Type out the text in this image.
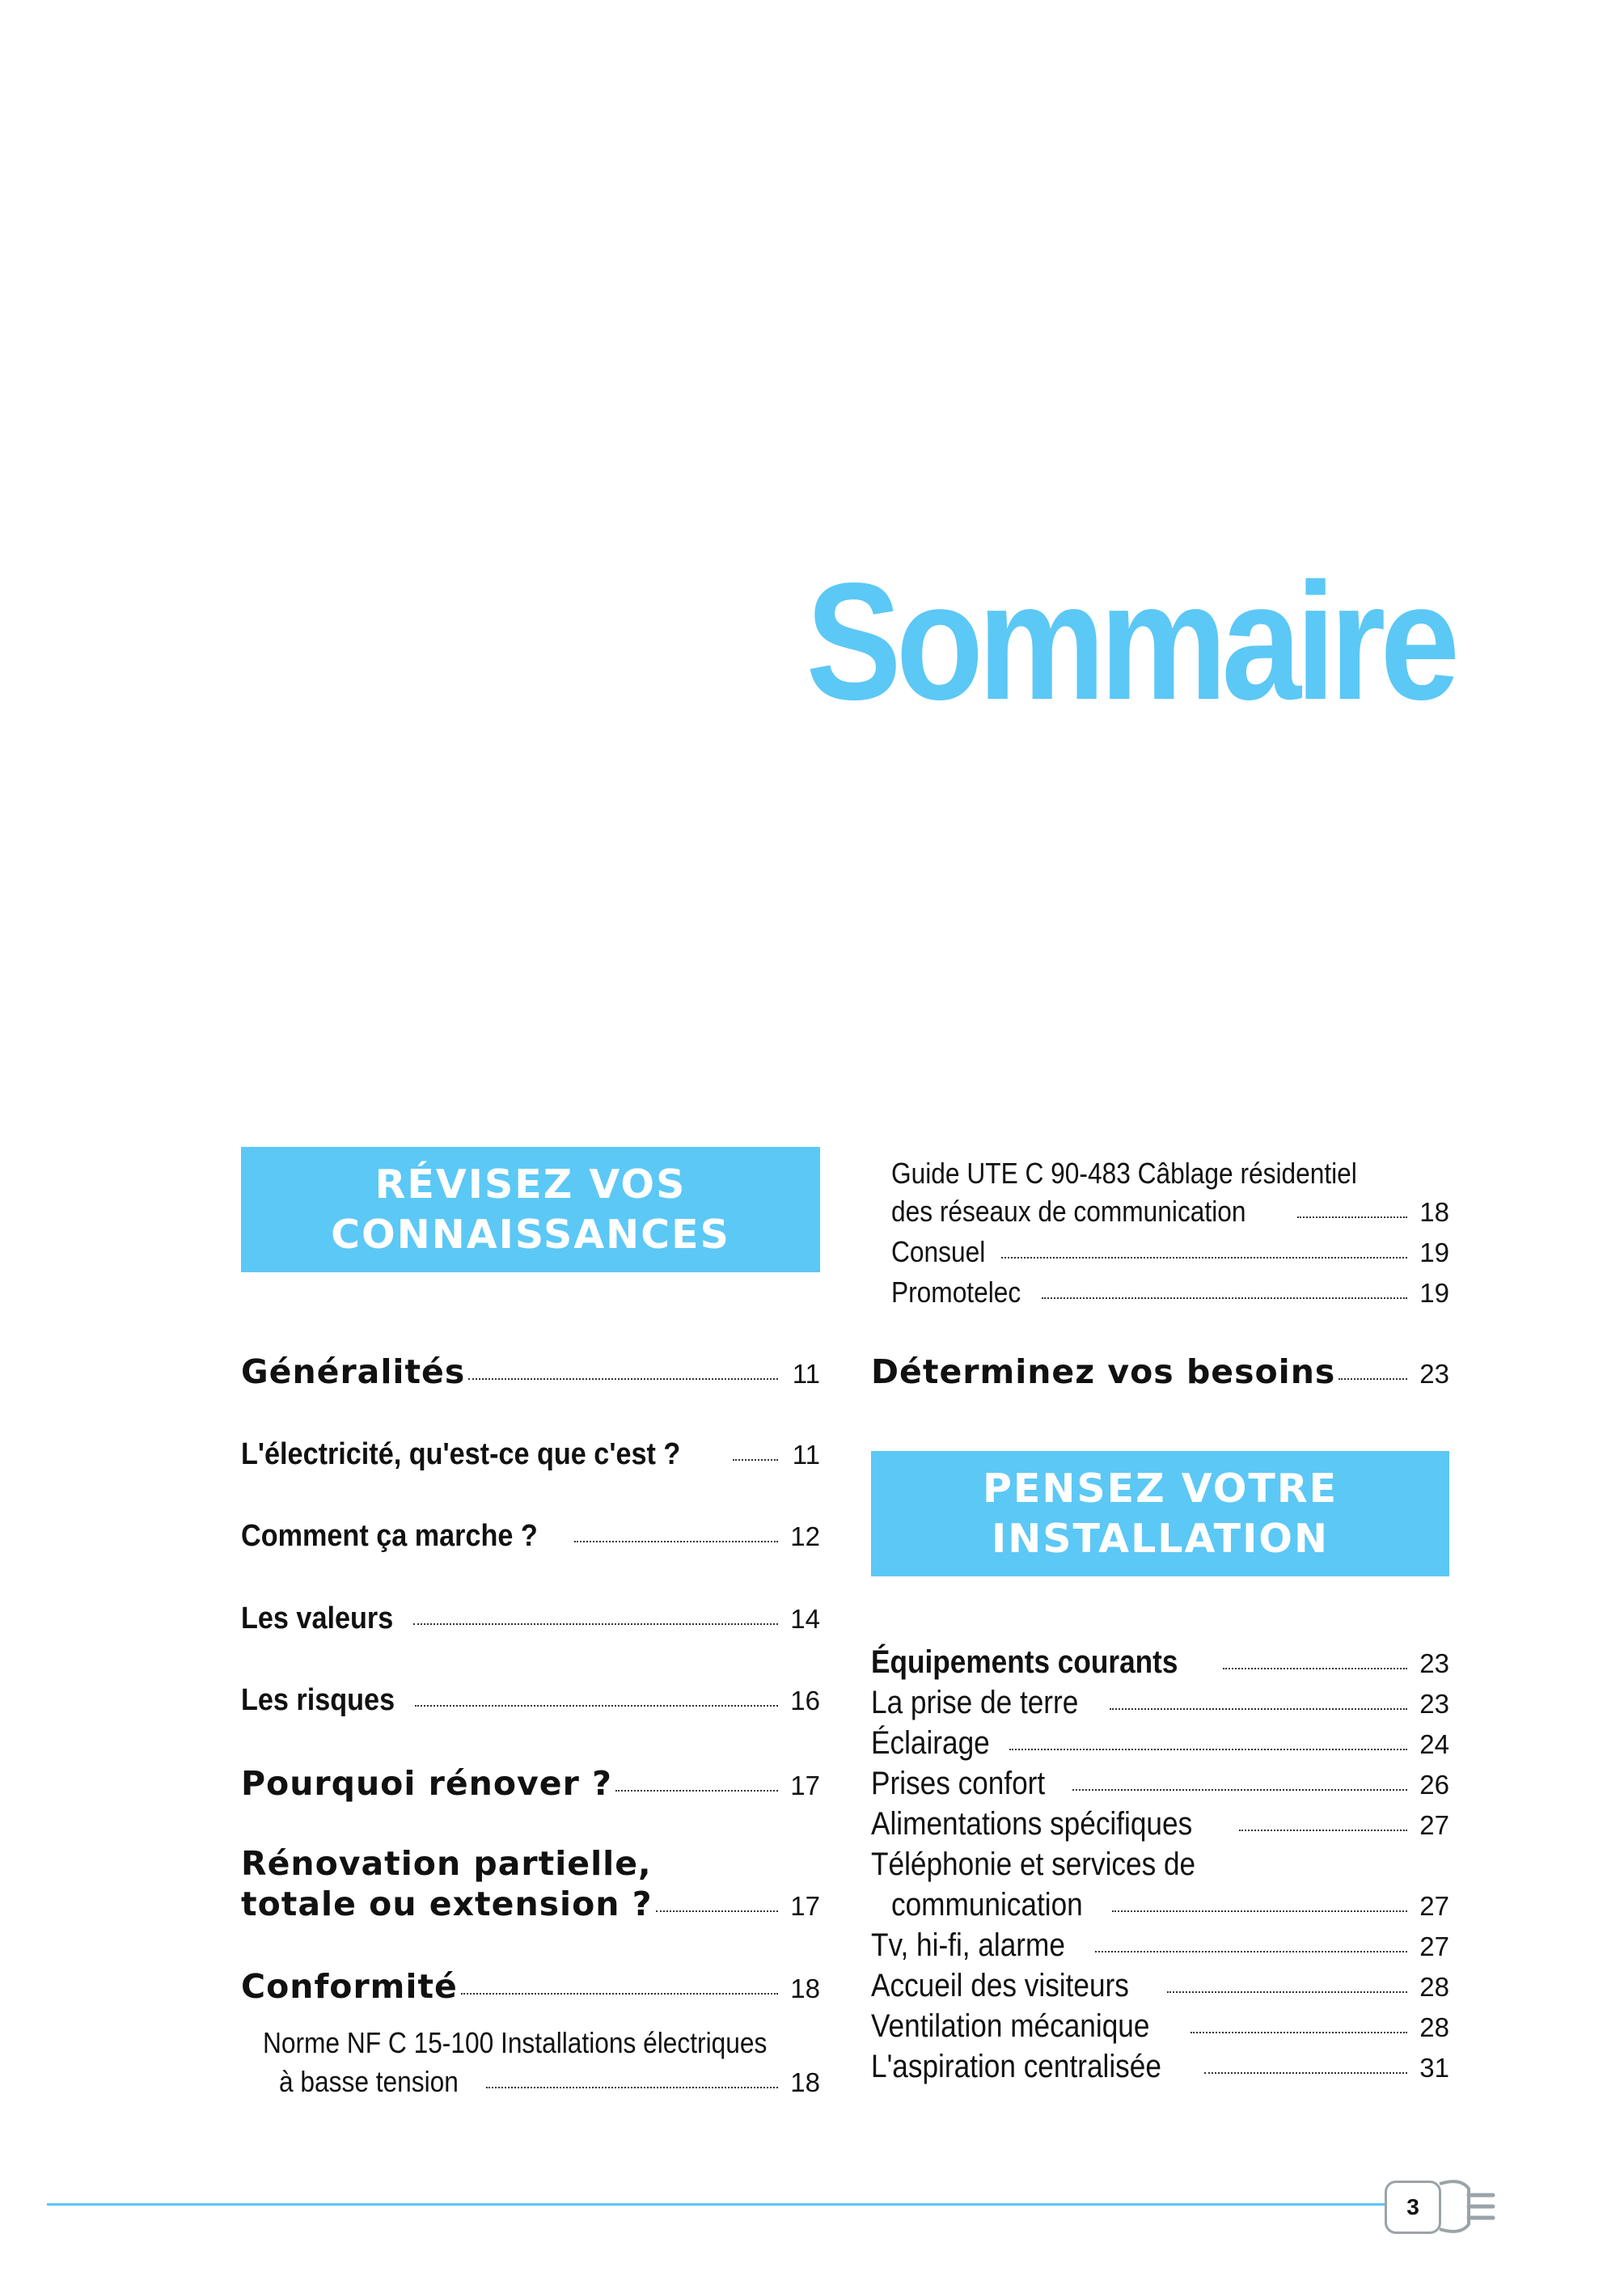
Sommaire
RÉVISEZ VOS
CONNAISSANCES
Généralités	11
L'électricité, qu'est-ce que c'est ?	11
Comment ça marche ?	12
Les valeurs	14
Les risques	16
Pourquoi rénover ?	17
Rénovation partielle,
totale ou extension ?	17
Conformité	18
Norme NF C 15-100 Installations électriques
à basse tension	18
Guide UTE C 90-483 Câblage résidentiel
des réseaux de communication	18
Consuel	19
Promotelec	19
Déterminez vos besoins	23
PENSEZ VOTRE
INSTALLATION
Équipements courants	23
La prise de terre	23
Éclairage	24
Prises confort	26
Alimentations spécifiques	27
Téléphonie et services de
communication	27
Tv, hi-fi, alarme	27
Accueil des visiteurs	28
Ventilation mécanique	28
L'aspiration centralisée	31
3
